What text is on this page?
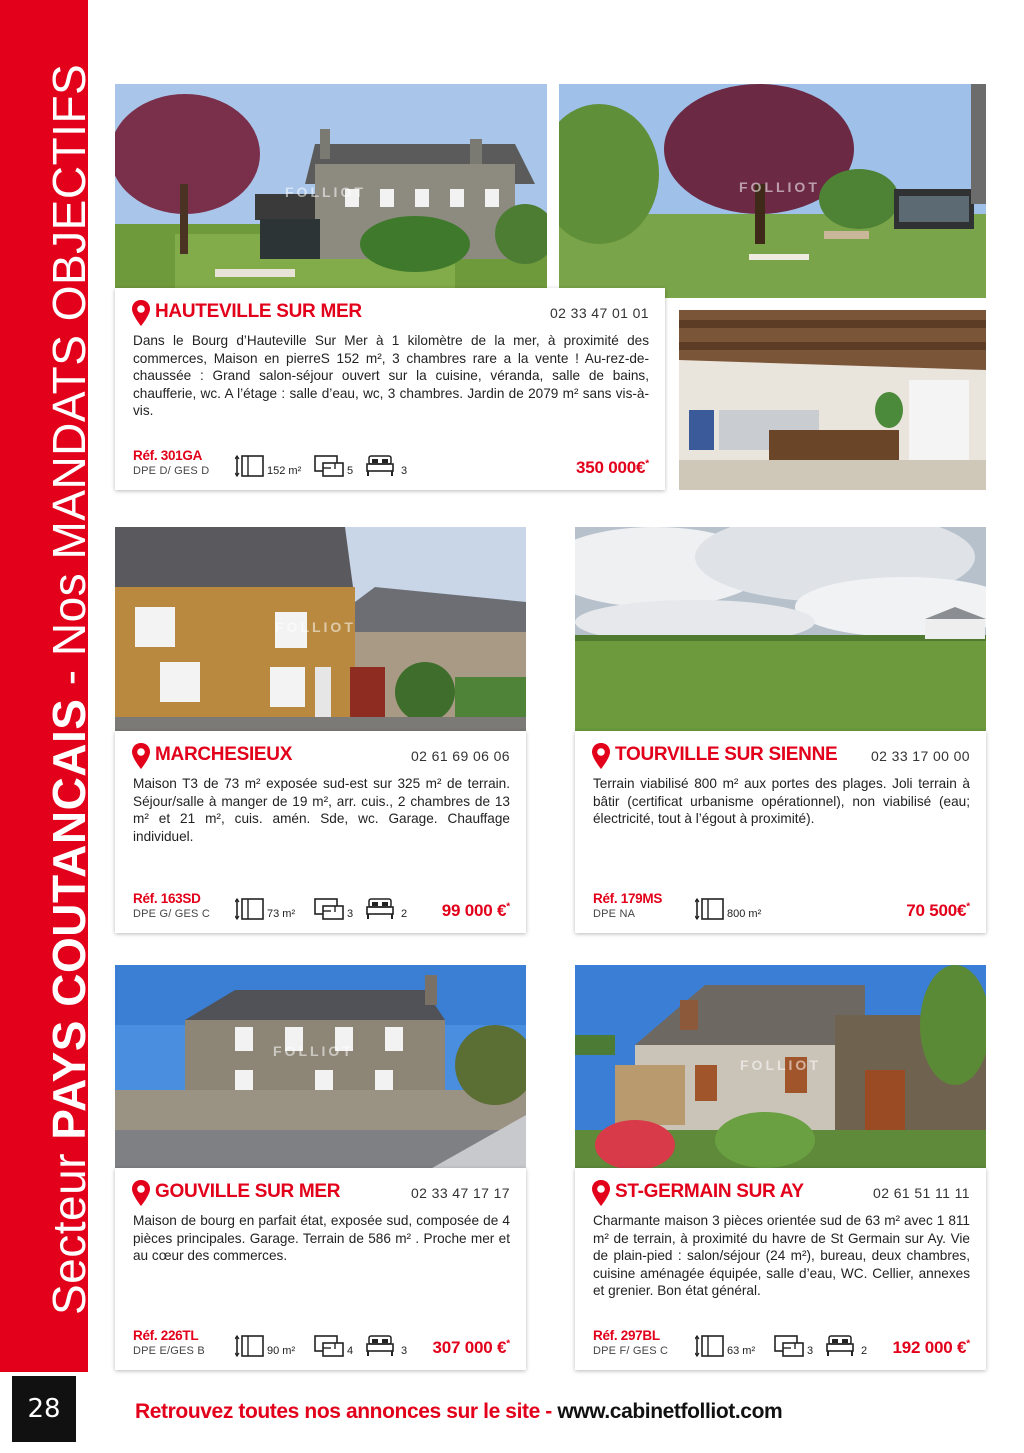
Secteur PAYS COUTANCAIS - Nos MANDATS OBJECTIFS
28
FOLLIOT	FOLLIOT
HAUTEVILLE SUR MER	02 33 47 01 01
Dans le Bourg d’Hauteville Sur Mer à 1 kilomètre de la mer, à proximité des commerces, Maison en pierreS 152 m², 3 chambres rare a la vente ! Au-rez-de-chaussée : Grand salon-séjour ouvert sur la cuisine, véranda, salle de bains, chaufferie, wc. A l’étage : salle d’eau, wc, 3 chambres. Jardin de 2079 m² sans vis-à-vis.
Réf. 301GA
DPE D/ GES D	152 m²	5	3	350 000€*
FOLLIOT
MARCHESIEUX	02 61 69 06 06
Maison T3 de 73 m² exposée sud-est sur 325 m² de terrain. Séjour/salle à manger de 19 m², arr. cuis., 2 chambres de 13 m² et 21 m², cuis. amén. Sde, wc. Garage. Chauffage individuel.
Réf. 163SD
DPE G/ GES C	73 m²	3	2 99 000 €*
TOURVILLE SUR SIENNE 02 33 17 00 00
Terrain viabilisé 800 m² aux portes des plages. Joli terrain à bâtir (certificat urbanisme opérationnel), non viabilisé (eau; électricité, tout à l’égout à proximité).
Réf. 179MS
DPE NA	800 m²	70 500€*
FOLLIOT
GOUVILLE SUR MER	02 33 47 17 17
Maison de bourg en parfait état, exposée sud, composée de 4 pièces principales. Garage. Terrain de 586 m² . Proche mer et au cœur des commerces.
Réf. 226TL
DPE E/GES B	90 m²	4	3 307 000 €*
FOLLIOT
ST-GERMAIN SUR AY	02 61 51 11 11
Charmante maison 3 pièces orientée sud de 63 m² avec 1 811 m² de terrain, à proximité du havre de St Germain sur Ay. Vie de plain-pied : salon/séjour (24 m²), bureau, deux chambres, cuisine aménagée équipée, salle d’eau, WC. Cellier, annexes et grenier. Bon état général.
Réf. 297BL
DPE F/ GES C	63 m²	3	2 192 000 €*
Retrouvez toutes nos annonces sur le site - www.cabinetfolliot.com
